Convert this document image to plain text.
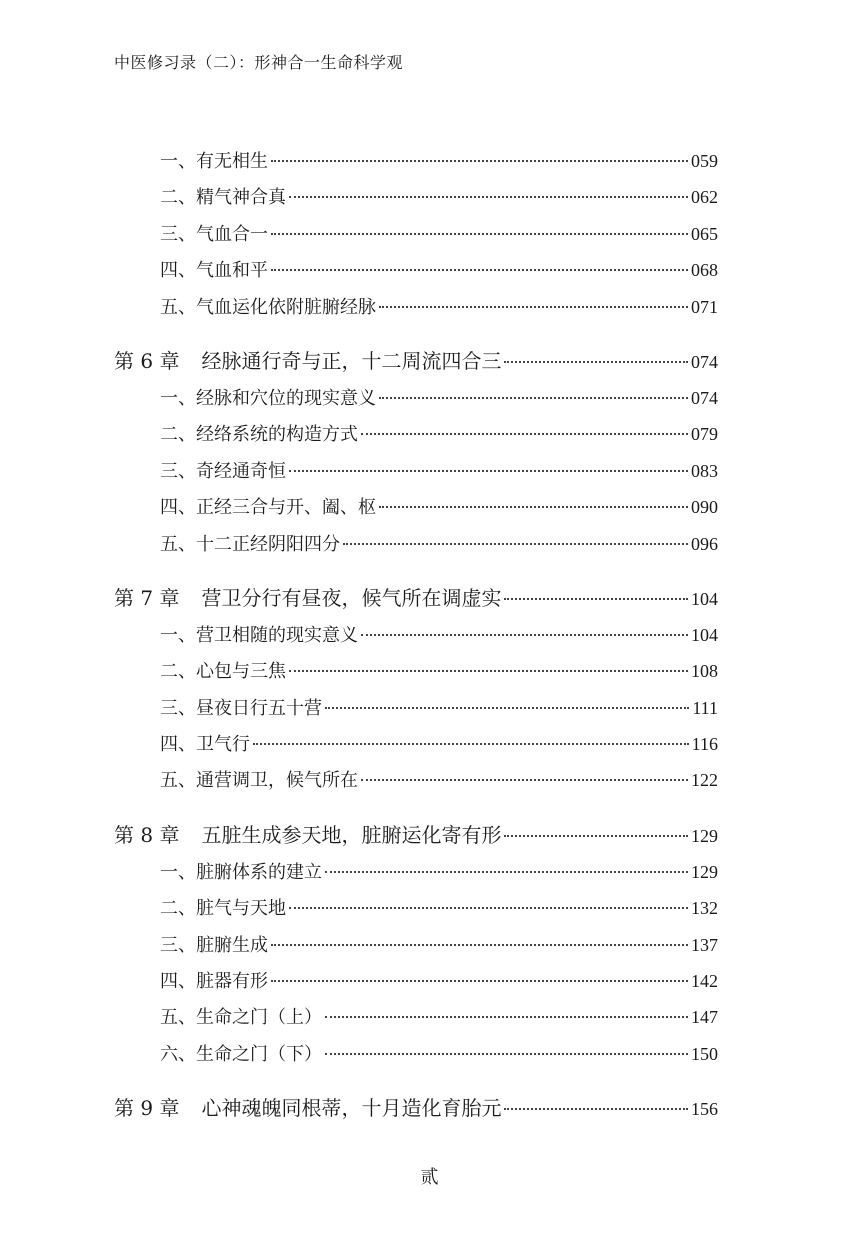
中医修习录（二）：形神合一生命科学观
一、有无相生	059
二、精气神合真	062
三、气血合一	065
四、气血和平	068
五、气血运化依附脏腑经脉	071
第 6 章 经脉通行奇与正，十二周流四合三	074
一、经脉和穴位的现实意义	074
二、经络系统的构造方式	079
三、奇经通奇恒	083
四、正经三合与开、阖、枢	090
五、十二正经阴阳四分	096
第 7 章 营卫分行有昼夜，候气所在调虚实	104
一、营卫相随的现实意义	104
二、心包与三焦	108
三、昼夜日行五十营	111
四、卫气行	116
五、通营调卫，候气所在	122
第 8 章 五脏生成参天地，脏腑运化寄有形	129
一、脏腑体系的建立	129
二、脏气与天地	132
三、脏腑生成	137
四、脏器有形	142
五、生命之门（上）	147
六、生命之门（下）	150
第 9 章 心神魂魄同根蒂，十月造化育胎元	156
贰
